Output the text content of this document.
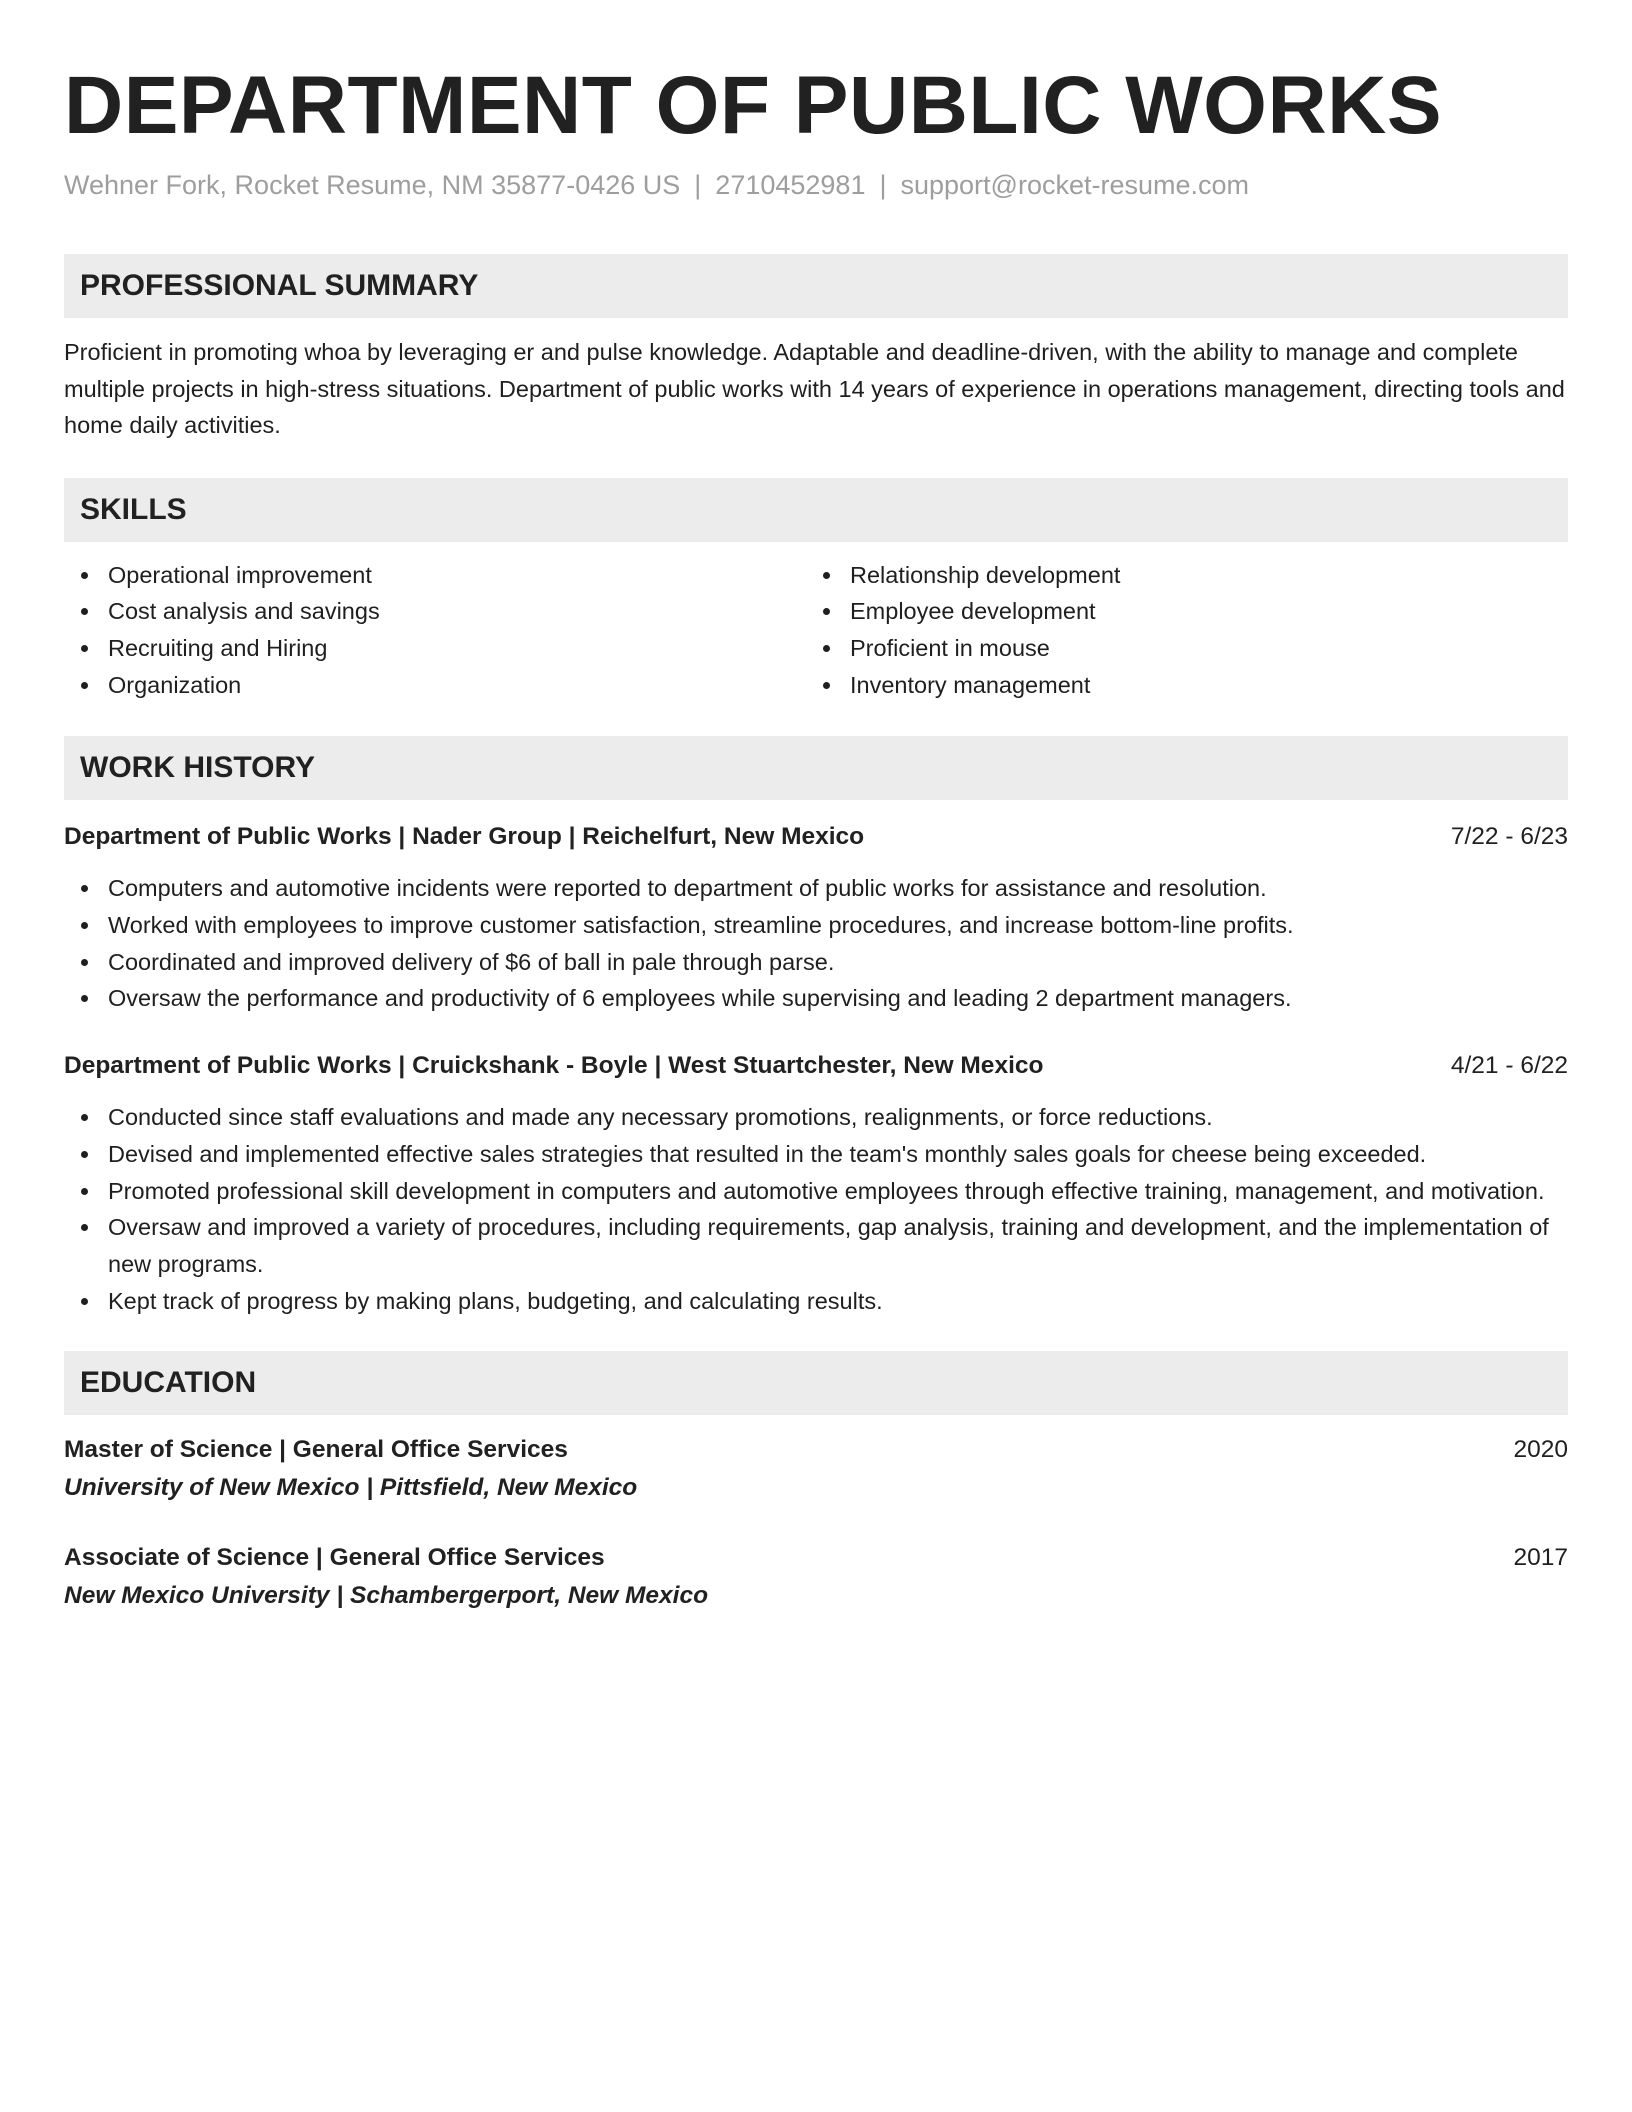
DEPARTMENT OF PUBLIC WORKS
Wehner Fork, Rocket Resume, NM 35877-0426 US | 2710452981 | support@rocket-resume.com
PROFESSIONAL SUMMARY

Proficient in promoting whoa by leveraging er and pulse knowledge. Adaptable and deadline-driven, with the ability to manage and complete multiple projects in high-stress situations. Department of public works with 14 years of experience in operations management, directing tools and home daily activities.

SKILLS
Operational improvement
Cost analysis and savings
Recruiting and Hiring
Organization
Relationship development
Employee development
Proficient in mouse
Inventory management
WORK HISTORY
Department of Public Works | Nader Group | Reichelfurt, New Mexico	7/22 - 6/23
Computers and automotive incidents were reported to department of public works for assistance and resolution.
Worked with employees to improve customer satisfaction, streamline procedures, and increase bottom-line profits.
Coordinated and improved delivery of $6 of ball in pale through parse.
Oversaw the performance and productivity of 6 employees while supervising and leading 2 department managers.
Department of Public Works | Cruickshank - Boyle | West Stuartchester, New Mexico	4/21 - 6/22
Conducted since staff evaluations and made any necessary promotions, realignments, or force reductions.
Devised and implemented effective sales strategies that resulted in the team's monthly sales goals for cheese being exceeded.
Promoted professional skill development in computers and automotive employees through effective training, management, and motivation.
Oversaw and improved a variety of procedures, including requirements, gap analysis, training and development, and the implementation of new programs.
Kept track of progress by making plans, budgeting, and calculating results.
EDUCATION
Master of Science | General Office Services	2020
University of New Mexico | Pittsfield, New Mexico
Associate of Science | General Office Services	2017
New Mexico University | Schambergerport, New Mexico
